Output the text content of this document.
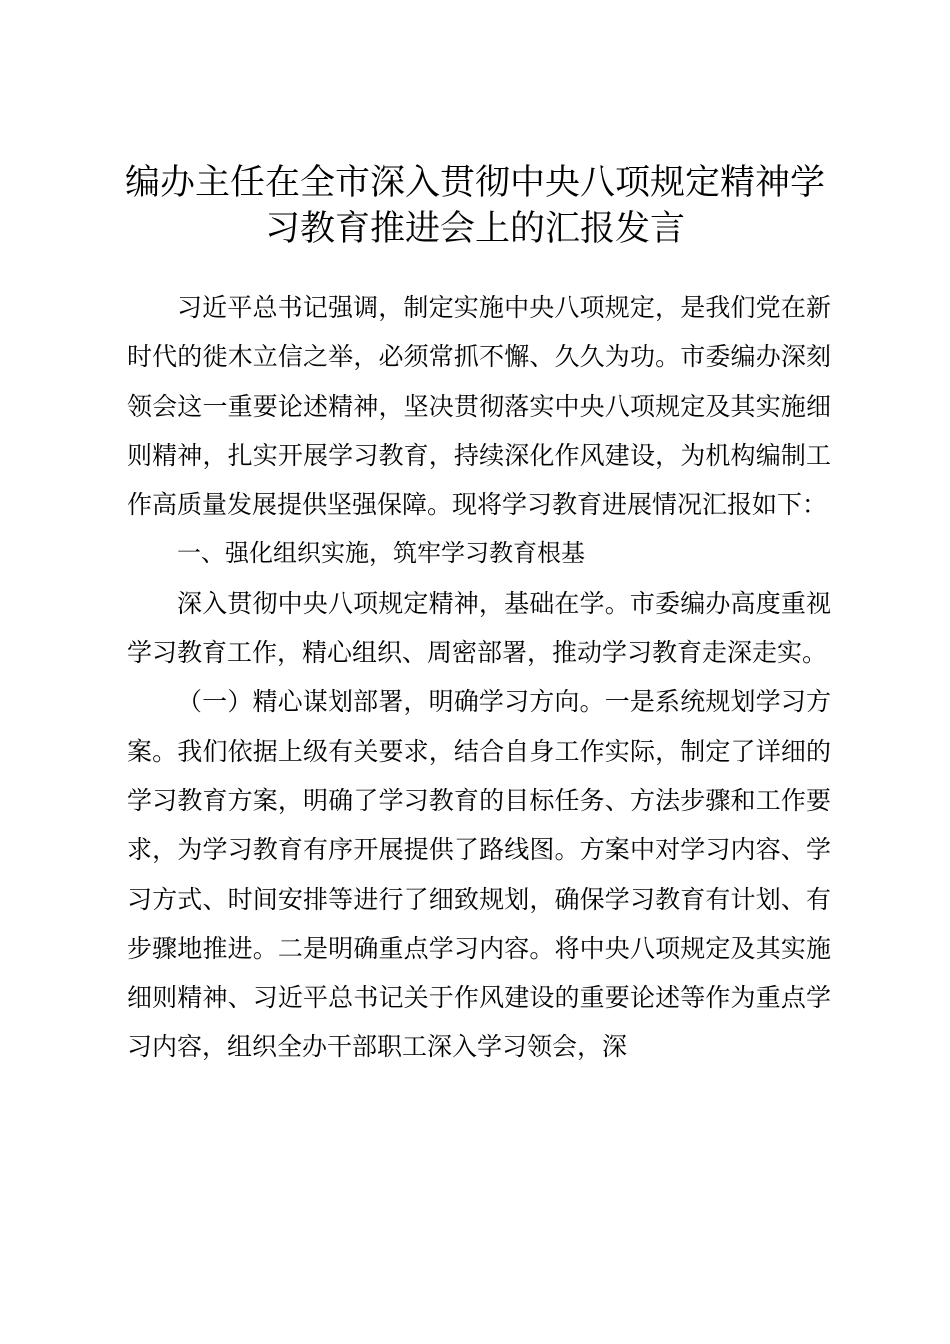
编办主任在全市深入贯彻中央八项规定精神学
习教育推进会上的汇报发言

习近平总书记强调，制定实施中央八项规定，是我们党在新时代的徙木立信之举，必须常抓不懈、久久为功。市委编办深刻领会这一重要论述精神，坚决贯彻落实中央八项规定及其实施细则精神，扎实开展学习教育，持续深化作风建设，为机构编制工作高质量发展提供坚强保障。现将学习教育进展情况汇报如下：

一、强化组织实施，筑牢学习教育根基

深入贯彻中央八项规定精神，基础在学。市委编办高度重视学习教育工作，精心组织、周密部署，推动学习教育走深走实。

（一）精心谋划部署，明确学习方向。一是系统规划学习方案。我们依据上级有关要求，结合自身工作实际，制定了详细的学习教育方案，明确了学习教育的目标任务、方法步骤和工作要求，为学习教育有序开展提供了路线图。方案中对学习内容、学习方式、时间安排等进行了细致规划，确保学习教育有计划、有步骤地推进。二是明确重点学习内容。将中央八项规定及其实施细则精神、习近平总书记关于作风建设的重要论述等作为重点学习内容，组织全办干部职工深入学习领会，深
